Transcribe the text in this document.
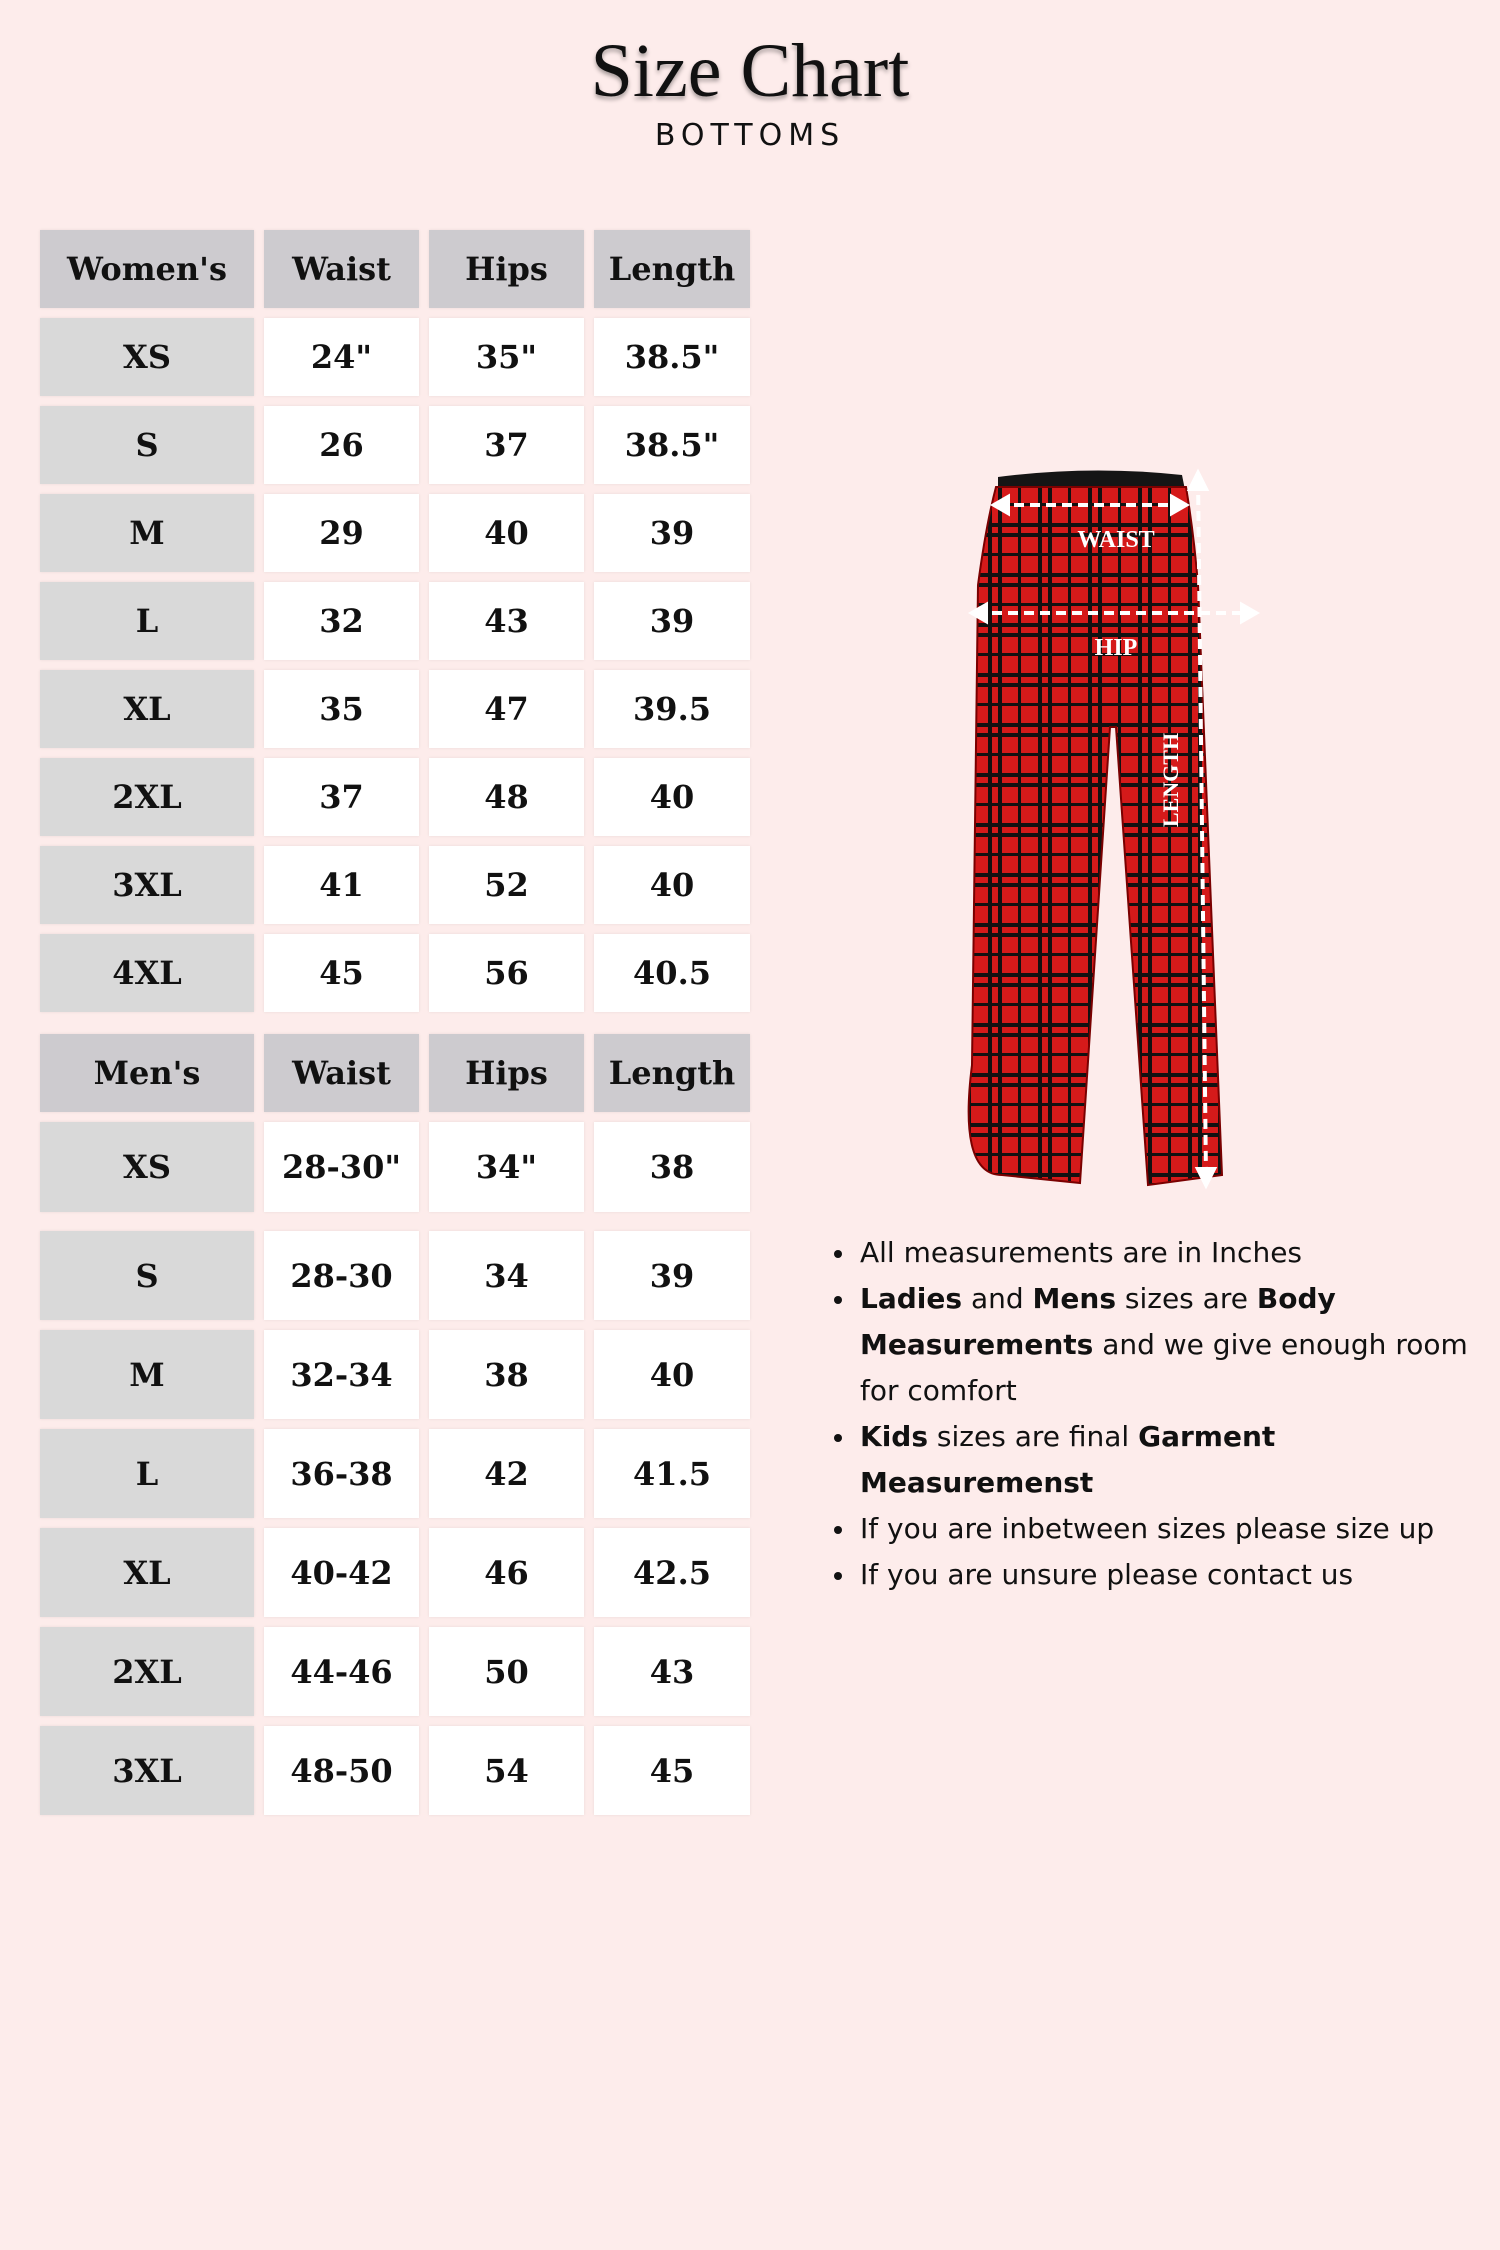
Size Chart
BOTTOMS
Women's	Waist	Hips	Length
XS	24"	35"	38.5"
S	26	37	38.5"
M	29	40	39
L	32	43	39
XL	35	47	39.5
2XL	37	48	40
3XL	41	52	40
4XL	45	56	40.5
Men's	Waist	Hips	Length
XS	28-30"	34"	38
S	28-30	34	39
M	32-34	38	40
L	36-38	42	41.5
XL	40-42	46	42.5
2XL	44-46	50	43
3XL	48-50	54	45
WAIST
HIP
LENGTH
All measurements are in Inches
Ladies and Mens sizes are Body Measurements and we give enough room for comfort
Kids sizes are final Garment Measuremenst
If you are inbetween sizes please size up
If you are unsure please contact us
